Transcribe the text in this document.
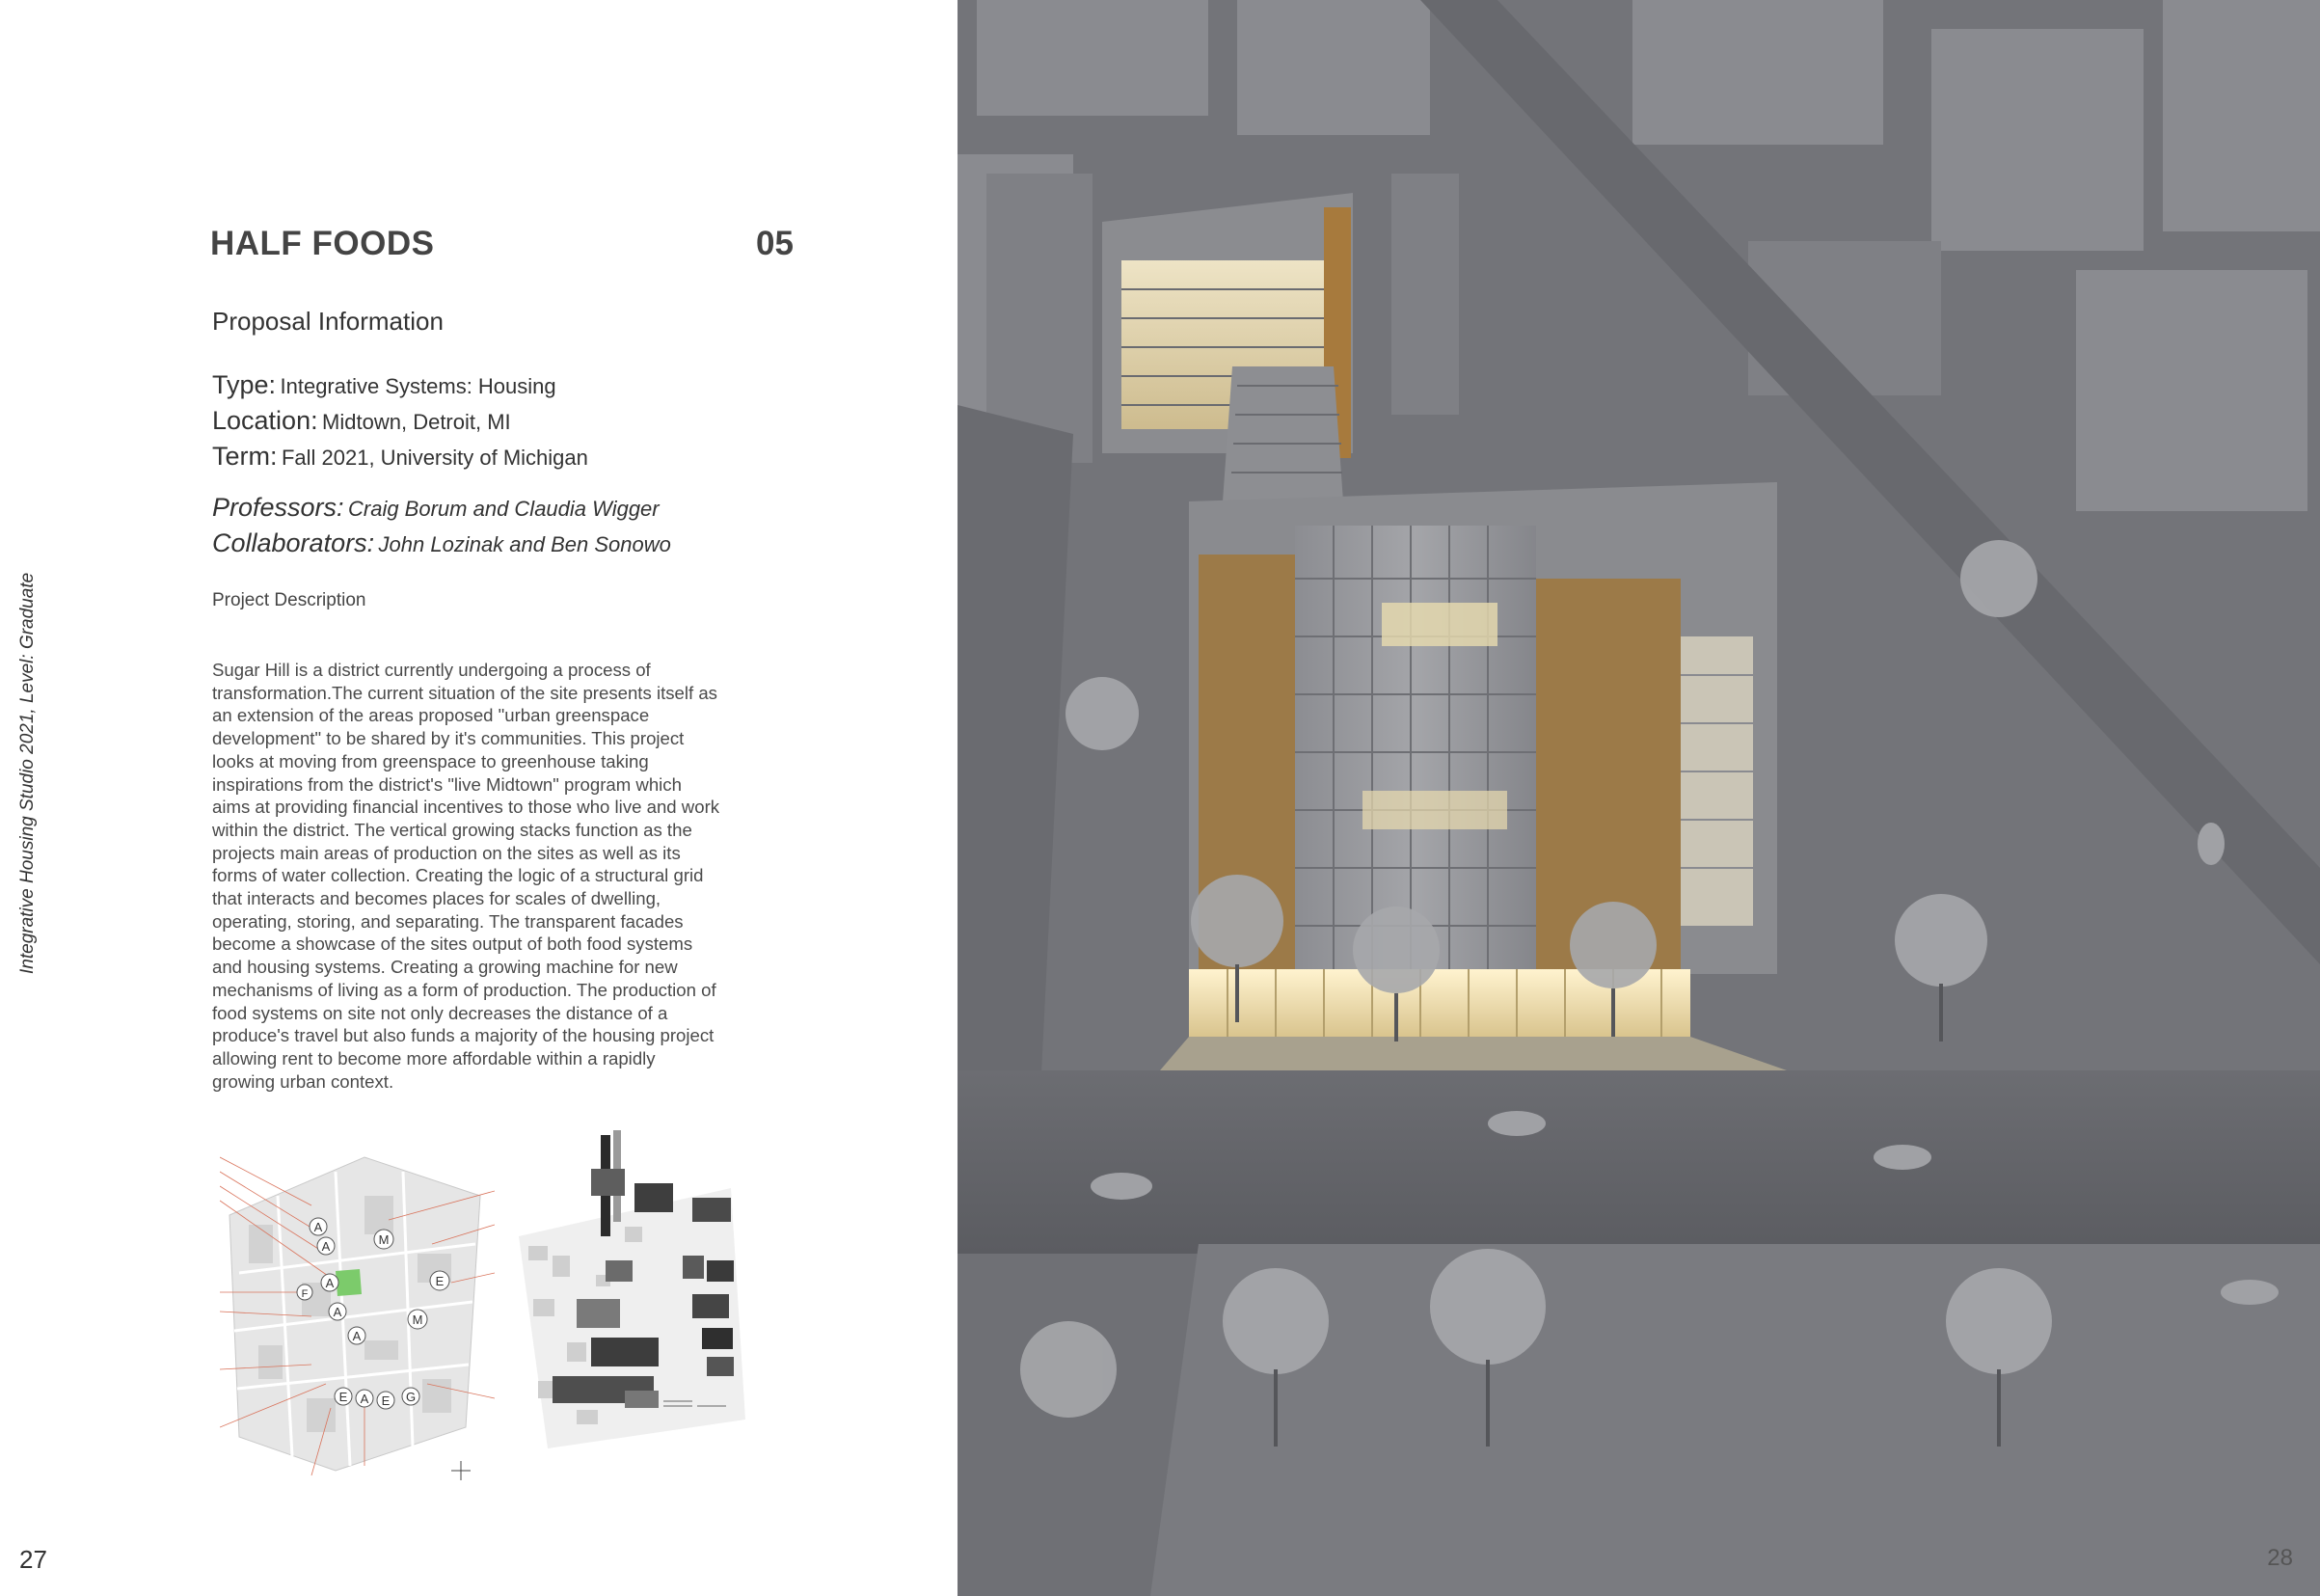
Integrative Housing Studio 2021, Level: Graduate
HALF FOODS	05
Proposal Information
Type: Integrative Systems: Housing
Location: Midtown, Detroit, MI
Term: Fall 2021, University of Michigan
Professors: Craig Borum and Claudia Wigger
Collaborators: John Lozinak and Ben Sonowo
Project Description
Sugar Hill is a district currently undergoing a process of
transformation.The current situation of the site presents itself as
an extension of the areas proposed "urban greenspace
development" to be shared by it's communities. This project
looks at moving from greenspace to greenhouse taking
inspirations from the district's "live Midtown" program which
aims at providing financial incentives to those who live and work
within the district. The vertical growing stacks function as the
projects main areas of production on the sites as well as its
forms of water collection. Creating the logic of a structural grid
that interacts and becomes places for scales of dwelling,
operating, storing, and separating. The transparent facades
become a showcase of the sites output of both food systems
and housing systems. Creating a growing machine for new
mechanisms of living as a form of production. The production of
food systems on site not only decreases the distance of a
produce's travel but also funds a majority of the housing project
allowing rent to become more affordable within a rapidly
growing urban context.
A
A
A
A
A
A
M
M
E
E	E G
F
27	28
